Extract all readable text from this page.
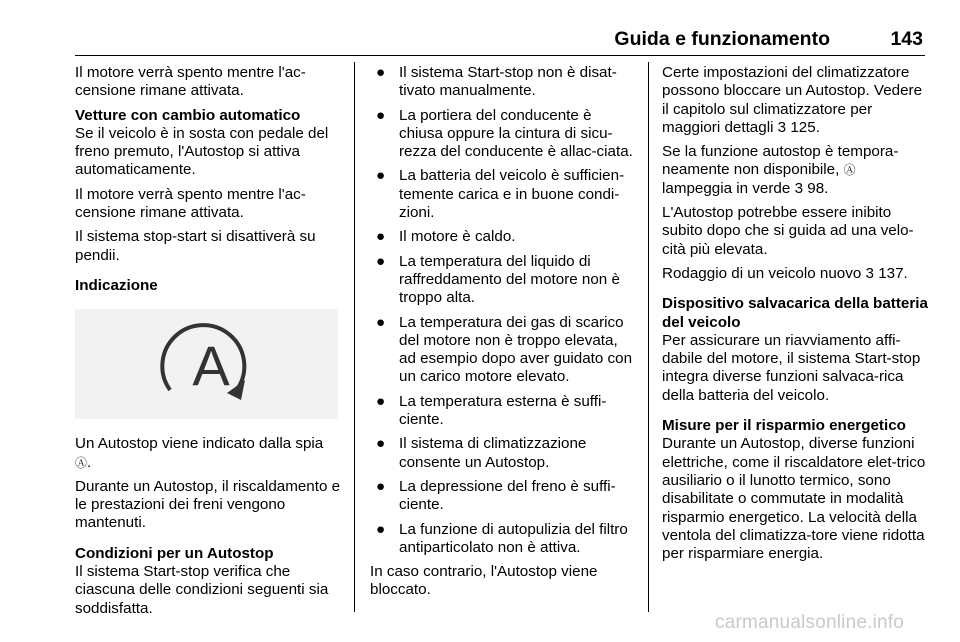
Guida e funzionamento	143

Il motore verrà spento mentre l'ac-censione rimane attivata.

Vetture con cambio automatico

Se il veicolo è in sosta con pedale del freno premuto, l'Autostop si attiva automaticamente.

Il motore verrà spento mentre l'ac-censione rimane attivata.

Il sistema stop-start si disattiverà su pendii.

Indicazione

A

Un Autostop viene indicato dalla spia
Ⓐ.

Durante un Autostop, il riscaldamento e le prestazioni dei freni vengono mantenuti.

Condizioni per un Autostop

Il sistema Start-stop verifica che ciascuna delle condizioni seguenti sia soddisfatta.

● Il sistema Start-stop non è disat-tivato manualmente.
● La portiera del conducente è chiusa oppure la cintura di sicu-rezza del conducente è allac-ciata.
● La batteria del veicolo è sufficien-temente carica e in buone condi-zioni.
● Il motore è caldo.
● La temperatura del liquido di raffreddamento del motore non è troppo alta.
● La temperatura dei gas di scarico del motore non è troppo elevata, ad esempio dopo aver guidato con un carico motore elevato.
● La temperatura esterna è suffi-ciente.
● Il sistema di climatizzazione consente un Autostop.
● La depressione del freno è suffi-ciente.
● La funzione di autopulizia del filtro antiparticolato non è attiva.

In caso contrario, l'Autostop viene bloccato.

Certe impostazioni del climatizzatore possono bloccare un Autostop. Vedere il capitolo sul climatizzatore per maggiori dettagli 3 125.

Se la funzione autostop è tempora-neamente non disponibile, Ⓐ
lampeggia in verde 3 98.

L'Autostop potrebbe essere inibito subito dopo che si guida ad una velo-cità più elevata.

Rodaggio di un veicolo nuovo 3 137.

Dispositivo salvacarica della batteria del veicolo

Per assicurare un riavviamento affi-dabile del motore, il sistema Start-stop integra diverse funzioni salvaca-rica della batteria del veicolo.

Misure per il risparmio energetico

Durante un Autostop, diverse funzioni elettriche, come il riscaldatore elet-trico ausiliario o il lunotto termico, sono disabilitate o commutate in modalità risparmio energetico. La velocità della ventola del climatizza-tore viene ridotta per risparmiare energia.

carmanualsonline.info
